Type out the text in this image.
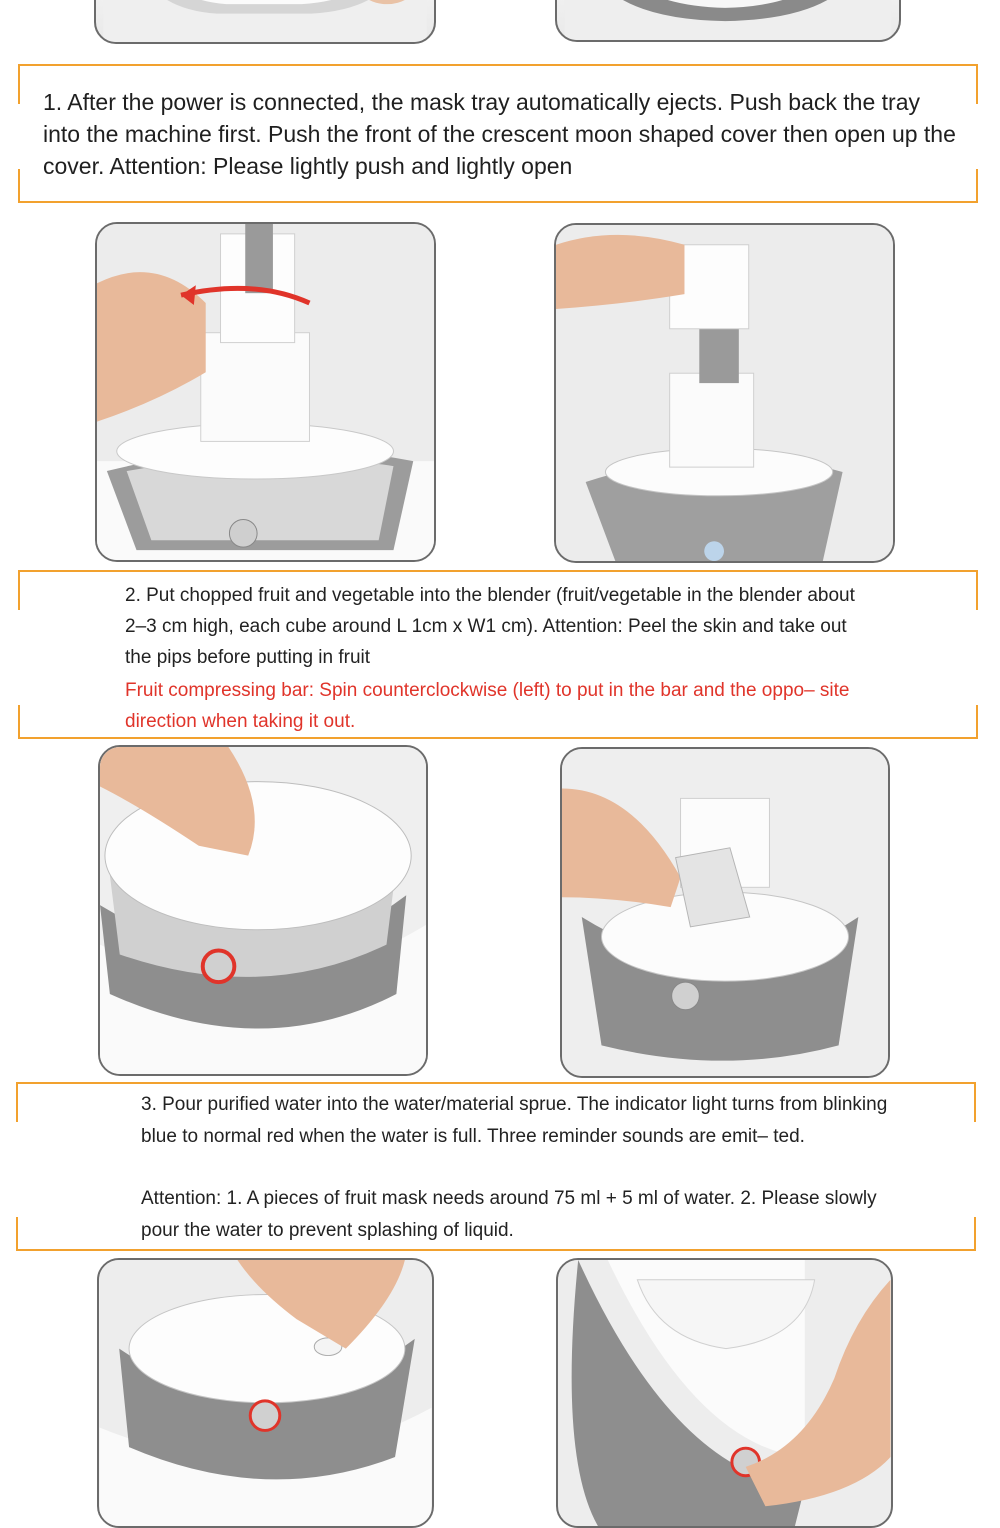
1. After the power is connected, the mask tray automatically ejects. Push back the tray into the machine first. Push the front of the crescent moon shaped cover then open up the cover. Attention: Please lightly push and lightly open
2. Put chopped fruit and vegetable into the blender (fruit/vegetable in the blender about 2–3 cm high, each cube around L 1cm x W1 cm). Attention: Peel the skin and take out the pips before putting in fruit
Fruit compressing bar: Spin counterclockwise (left) to put in the bar and the oppo– site direction when taking it out.
3. Pour purified water into the water/material sprue. The indicator light turns from blinking blue to normal red when the water is full. Three reminder sounds are emit– ted.
Attention: 1. A pieces of fruit mask needs around 75 ml + 5 ml of water. 2. Please slowly pour the water to prevent splashing of liquid.
